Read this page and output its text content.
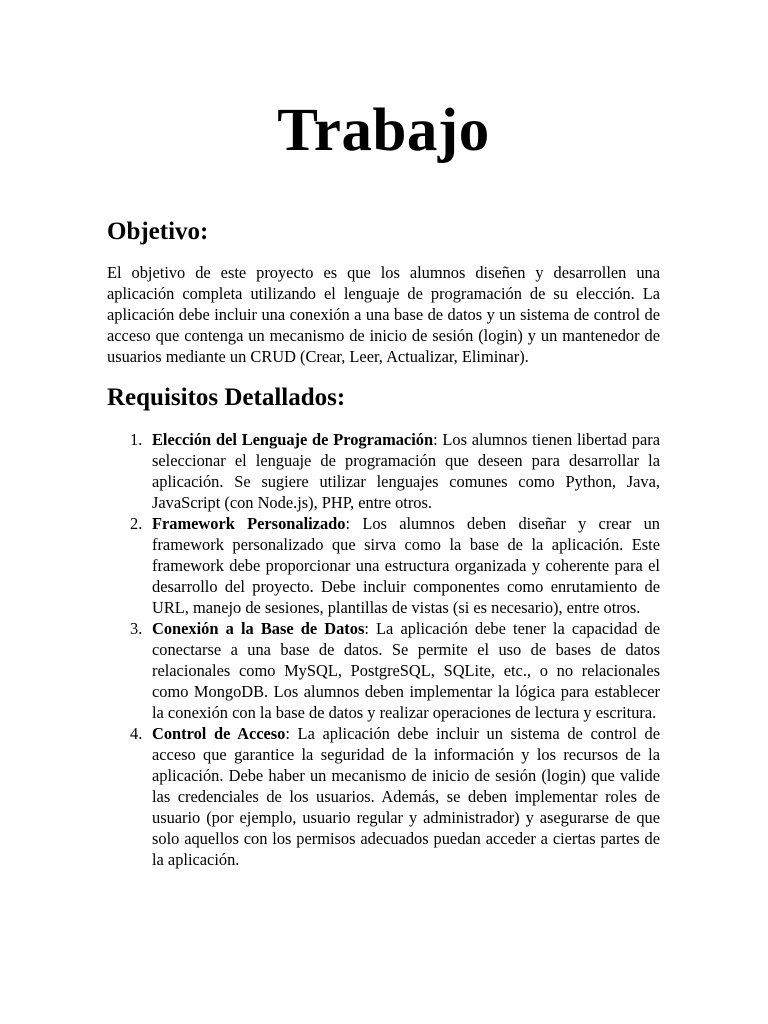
Trabajo
Objetivo:

El objetivo de este proyecto es que los alumnos diseñen y desarrollen una aplicación completa utilizando el lenguaje de programación de su elección. La aplicación debe incluir una conexión a una base de datos y un sistema de control de acceso que contenga un mecanismo de inicio de sesión (login) y un mantenedor de usuarios mediante un CRUD (Crear, Leer, Actualizar, Eliminar).

Requisitos Detallados:
1. Elección del Lenguaje de Programación: Los alumnos tienen libertad para seleccionar el lenguaje de programación que deseen para desarrollar la aplicación. Se sugiere utilizar lenguajes comunes como Python, Java, JavaScript (con Node.js), PHP, entre otros.
2. Framework Personalizado: Los alumnos deben diseñar y crear un framework personalizado que sirva como la base de la aplicación. Este framework debe proporcionar una estructura organizada y coherente para el desarrollo del proyecto. Debe incluir componentes como enrutamiento de URL, manejo de sesiones, plantillas de vistas (si es necesario), entre otros.
3. Conexión a la Base de Datos: La aplicación debe tener la capacidad de conectarse a una base de datos. Se permite el uso de bases de datos relacionales como MySQL, PostgreSQL, SQLite, etc., o no relacionales como MongoDB. Los alumnos deben implementar la lógica para establecer la conexión con la base de datos y realizar operaciones de lectura y escritura.
4. Control de Acceso: La aplicación debe incluir un sistema de control de acceso que garantice la seguridad de la información y los recursos de la aplicación. Debe haber un mecanismo de inicio de sesión (login) que valide las credenciales de los usuarios. Además, se deben implementar roles de usuario (por ejemplo, usuario regular y administrador) y asegurarse de que solo aquellos con los permisos adecuados puedan acceder a ciertas partes de la aplicación.
